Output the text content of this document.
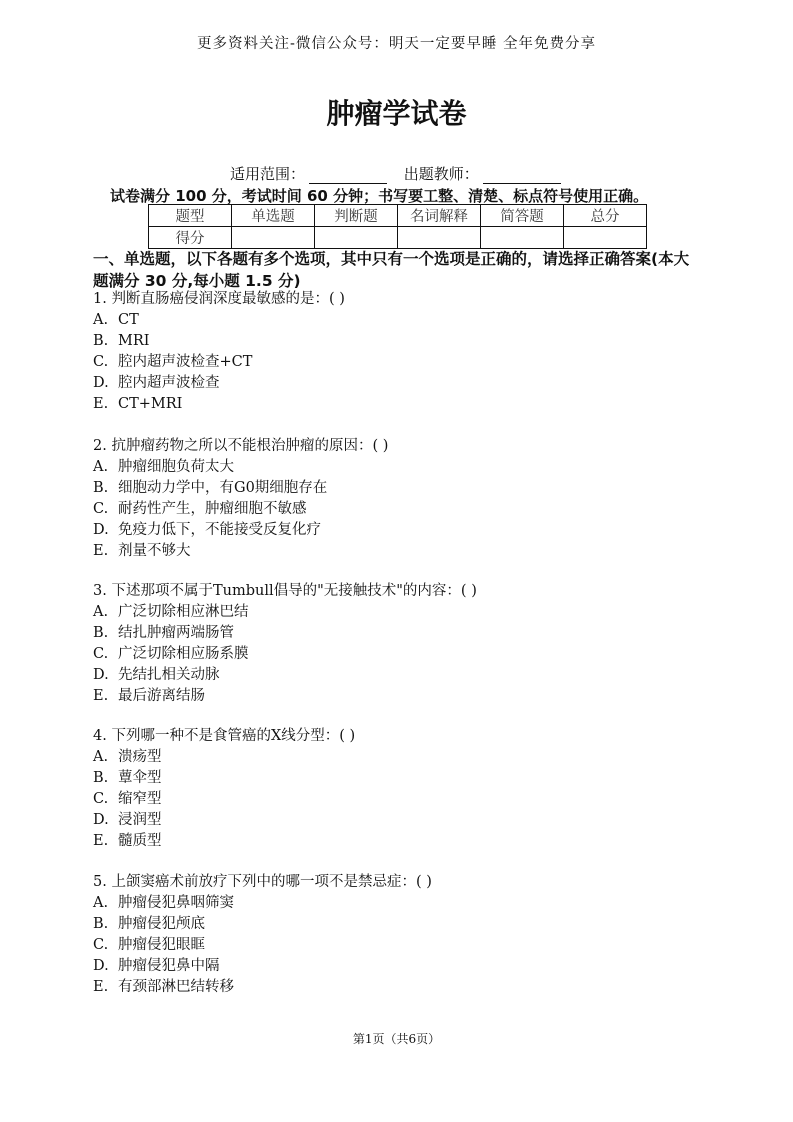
更多资料关注-微信公众号：明天一定要早睡 全年免费分享
肿瘤学试卷
适用范围：	出题教师：
试卷满分 100 分，考试时间 60 分钟；书写要工整、清楚、标点符号使用正确。
题型	单选题	判断题	名词解释	简答题	总分
得分					
一、单选题，以下各题有多个选项，其中只有一个选项是正确的，请选择正确答案(本大题满分 30 分,每小题 1.5 分)
1. 判断直肠癌侵润深度最敏感的是：( )
A. CT
B. MRI
C. 腔内超声波检查+CT
D. 腔内超声波检查
E. CT+MRI
2. 抗肿瘤药物之所以不能根治肿瘤的原因：( )
A. 肿瘤细胞负荷太大
B. 细胞动力学中，有G0期细胞存在
C. 耐药性产生，肿瘤细胞不敏感
D. 免疫力低下，不能接受反复化疗
E. 剂量不够大
3. 下述那项不属于Tumbull倡导的"无接触技术"的内容：( )
A. 广泛切除相应淋巴结
B. 结扎肿瘤两端肠管
C. 广泛切除相应肠系膜
D. 先结扎相关动脉
E. 最后游离结肠
4. 下列哪一种不是食管癌的X线分型：( )
A. 溃疡型
B. 蕈伞型
C. 缩窄型
D. 浸润型
E. 髓质型
5. 上颌窦癌术前放疗下列中的哪一项不是禁忌症：( )
A. 肿瘤侵犯鼻咽筛窦
B. 肿瘤侵犯颅底
C. 肿瘤侵犯眼眶
D. 肿瘤侵犯鼻中隔
E. 有颈部淋巴结转移
第1页（共6页）
